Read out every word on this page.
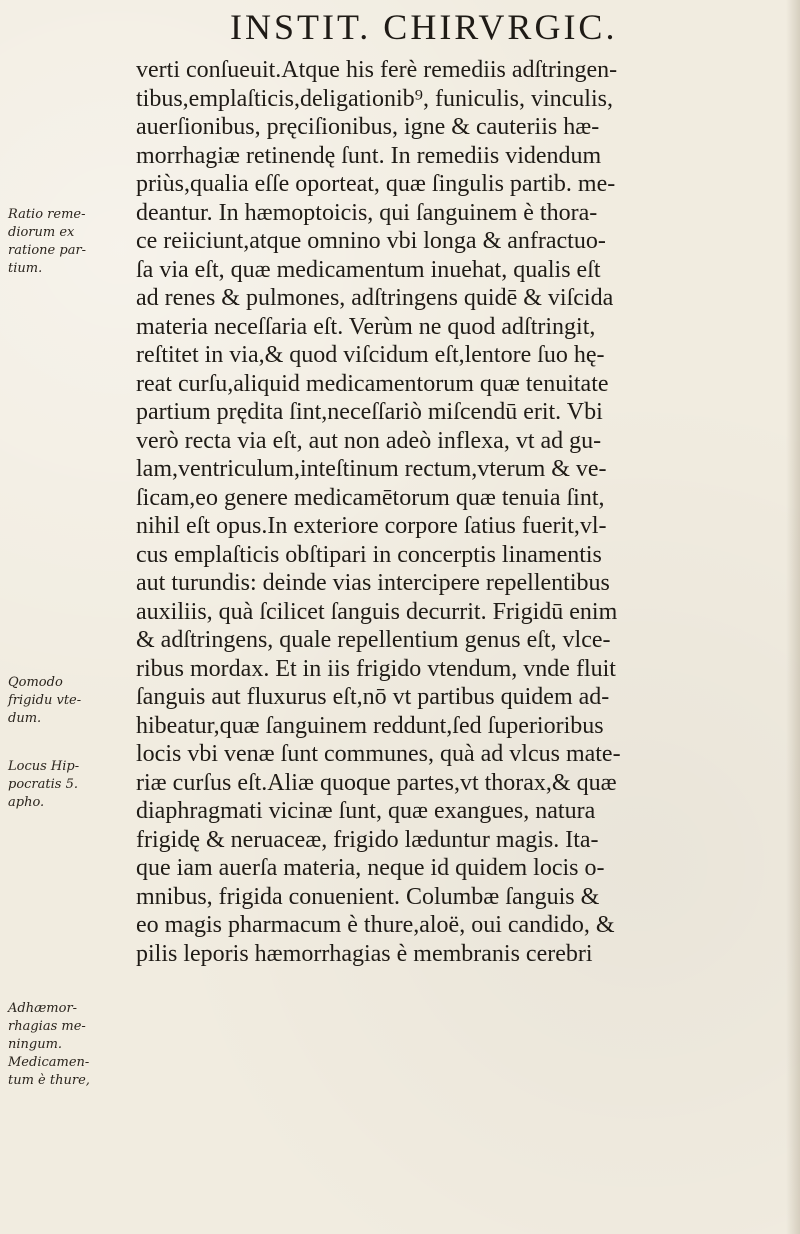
INSTIT. CHIRVRGIC.
verti conſueuit.Atque his ferè remediis adſtringen-
tibus,emplaſticis,deligationib⁹, funiculis, vinculis,
auerſionibus, pręciſionibus, igne & cauteriis hæ-
morrhagiæ retinendę ſunt. In remediis videndum
priùs,qualia eſſe oporteat, quæ ſingulis partib. me-
deantur. In hæmoptoicis, qui ſanguinem è thora-
ce reiiciunt,atque omnino vbi longa & anfractuo-
ſa via eſt, quæ medicamentum inuehat, qualis eſt
ad renes & pulmones, adſtringens quidē & viſcida
materia neceſſaria eſt. Verùm ne quod adſtringit,
reſtitet in via,& quod viſcidum eſt,lentore ſuo hę-
reat curſu,aliquid medicamentorum quæ tenuitate
partium prędita ſint,neceſſariò miſcendū erit. Vbi
verò recta via eſt, aut non adeò inflexa, vt ad gu-
lam,ventriculum,inteſtinum rectum,vterum & ve-
ſicam,eo genere medicamētorum quæ tenuia ſint,
nihil eſt opus.In exteriore corpore ſatius fuerit,vl-
cus emplaſticis obſtipari in concerptis linamentis
aut turundis: deinde vias intercipere repellentibus
auxiliis, quà ſcilicet ſanguis decurrit. Frigidū enim
& adſtringens, quale repellentium genus eſt, vlce-
ribus mordax. Et in iis frigido vtendum, vnde fluit
ſanguis aut fluxurus eſt,nō vt partibus quidem ad-
hibeatur,quæ ſanguinem reddunt,ſed ſuperioribus
locis vbi venæ ſunt communes, quà ad vlcus mate-
riæ curſus eſt.Aliæ quoque partes,vt thorax,& quæ
diaphragmati vicinæ ſunt, quæ exangues, natura
frigidę & neruaceæ, frigido læduntur magis. Ita-
que iam auerſa materia, neque id quidem locis o-
mnibus, frigida conuenient. Columbæ ſanguis &
eo magis pharmacum è thure,aloë, oui candido, &
pilis leporis hæmorrhagias è membranis cerebri
Ratio reme-
diorum ex
ratione par-
tium.
Qomodo
frigidu vte-
dum.
Locus Hip-
pocratis 5.
apho.
Adhæmor-
rhagias me-
ningum.
Medicamen-
tum è thure,
